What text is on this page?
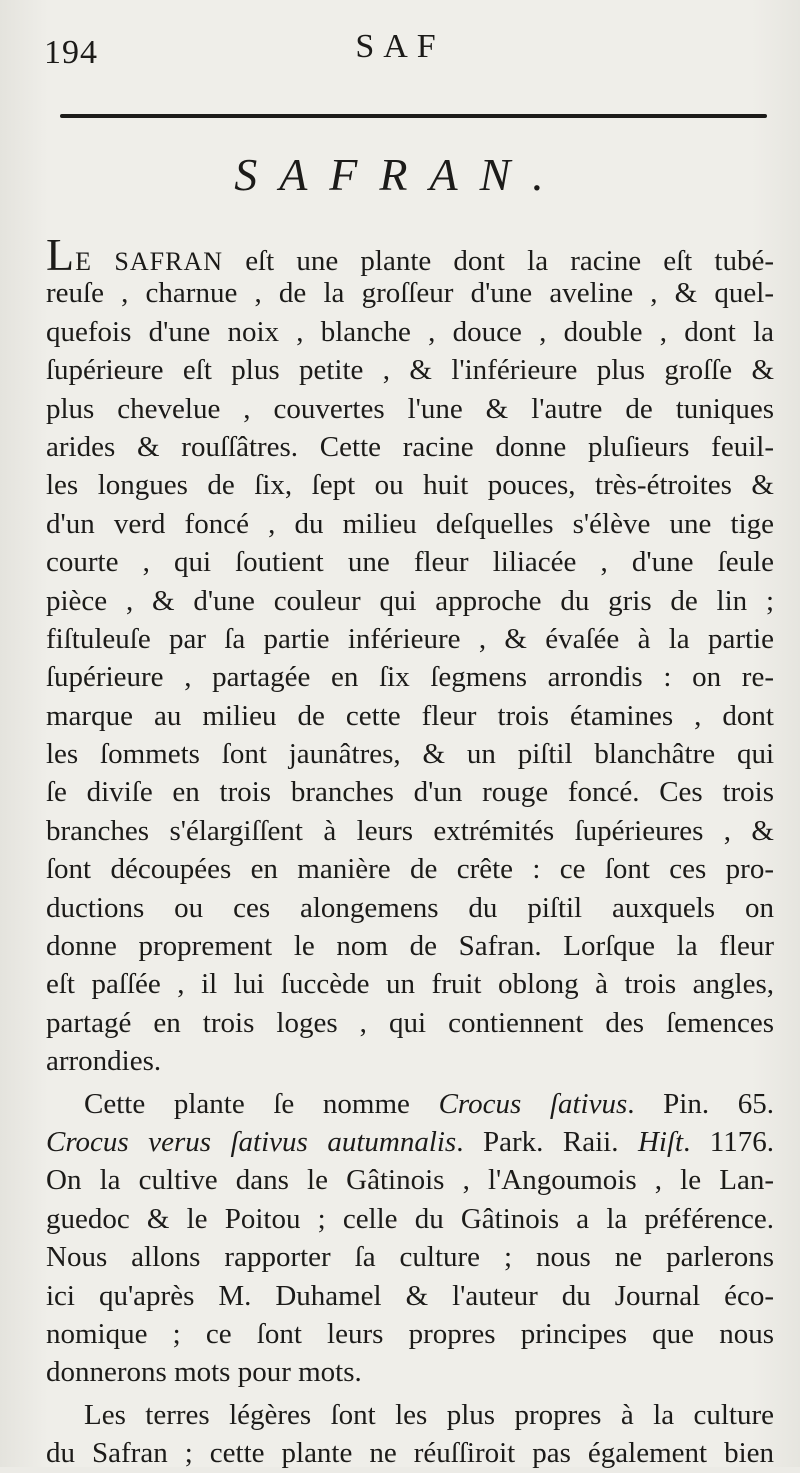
194	SAF
SAFRAN.
LE SAFRAN eſt une plante dont la racine eſt tubé-
reuſe , charnue , de la groſſeur d'une aveline , & quel-
quefois d'une noix , blanche , douce , double , dont la
ſupérieure eſt plus petite , & l'inférieure plus groſſe &
plus chevelue , couvertes l'une & l'autre de tuniques
arides & rouſſâtres. Cette racine donne pluſieurs feuil-
les longues de ſix, ſept ou huit pouces, très-étroites &
d'un verd foncé , du milieu deſquelles s'élève une tige
courte , qui ſoutient une fleur liliacée , d'une ſeule
pièce , & d'une couleur qui approche du gris de lin ;
fiſtuleuſe par ſa partie inférieure , & évaſée à la partie
ſupérieure , partagée en ſix ſegmens arrondis : on re-
marque au milieu de cette fleur trois étamines , dont
les ſommets ſont jaunâtres, & un piſtil blanchâtre qui
ſe diviſe en trois branches d'un rouge foncé. Ces trois
branches s'élargiſſent à leurs extrémités ſupérieures , &
ſont découpées en manière de crête : ce ſont ces pro-
ductions ou ces alongemens du piſtil auxquels on
donne proprement le nom de Safran. Lorſque la fleur
eſt paſſée , il lui ſuccède un fruit oblong à trois angles,
partagé en trois loges , qui contiennent des ſemences
arrondies.
Cette plante ſe nomme Crocus ſativus. Pin. 65.
Crocus verus ſativus autumnalis. Park. Raii. Hiſt. 1176.
On la cultive dans le Gâtinois , l'Angoumois , le Lan-
guedoc & le Poitou ; celle du Gâtinois a la préférence.
Nous allons rapporter ſa culture ; nous ne parlerons
ici qu'après M. Duhamel & l'auteur du Journal éco-
nomique ; ce ſont leurs propres principes que nous
donnerons mots pour mots.
Les terres légères ſont les plus propres à la culture
du Safran ; cette plante ne réuſſiroit pas également bien
